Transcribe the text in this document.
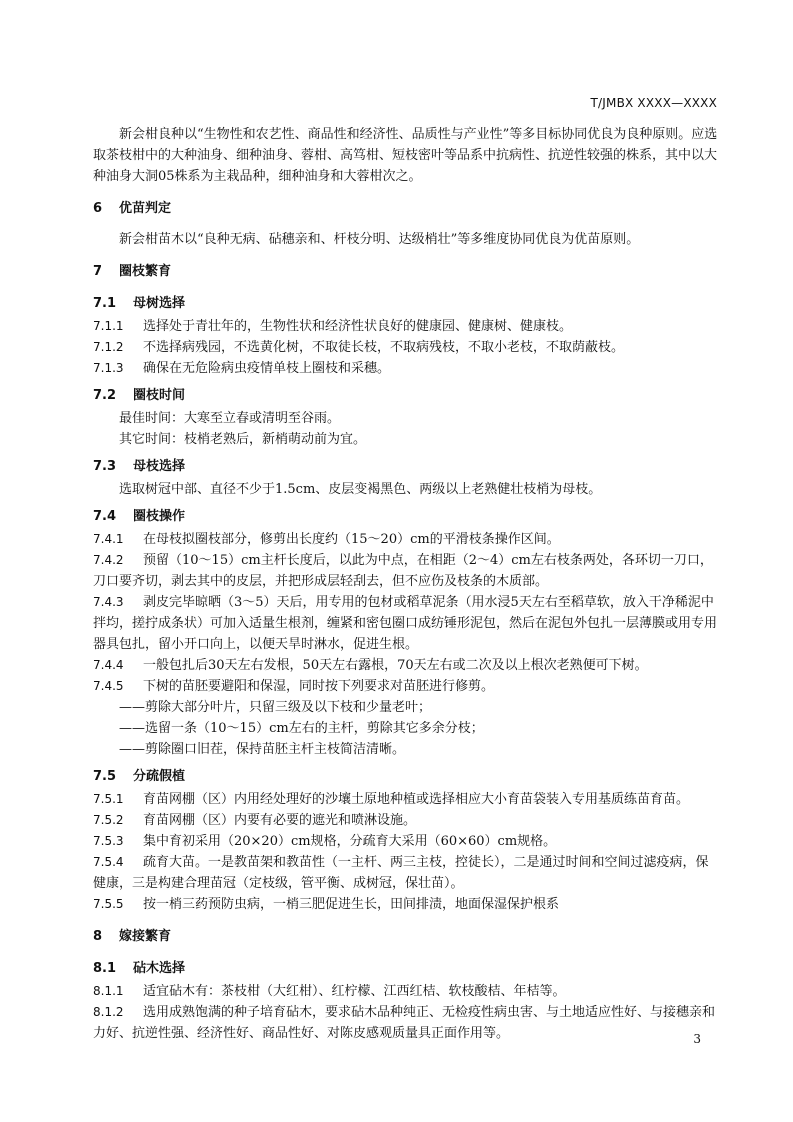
T/JMBX XXXX—XXXX
新会柑良种以“生物性和农艺性、商品性和经济性、品质性与产业性”等多目标协同优良为良种原则。应选取茶枝柑中的大种油身、细种油身、蓉柑、高笃柑、短枝密叶等品系中抗病性、抗逆性较强的株系，其中以大种油身大洞05株系为主栽品种，细种油身和大蓉柑次之。
6 优苗判定
新会柑苗木以“良种无病、砧穗亲和、杆枝分明、达级梢壮”等多维度协同优良为优苗原则。
7 圈枝繁育
7.1 母树选择
7.1.1 选择处于青壮年的，生物性状和经济性状良好的健康园、健康树、健康枝。
7.1.2 不选择病残园，不选黄化树，不取徒长枝，不取病残枝，不取小老枝，不取荫蔽枝。
7.1.3 确保在无危险病虫疫情单枝上圈枝和采穗。
7.2 圈枝时间
最佳时间：大寒至立春或清明至谷雨。
其它时间：枝梢老熟后，新梢萌动前为宜。
7.3 母枝选择
选取树冠中部、直径不少于1.5cm、皮层变褐黑色、两级以上老熟健壮枝梢为母枝。
7.4 圈枝操作
7.4.1 在母枝拟圈枝部分，修剪出长度约（15～20）cm的平滑枝条操作区间。
7.4.2 预留（10～15）cm主杆长度后，以此为中点，在相距（2～4）cm左右枝条两处，各环切一刀口，刀口要齐切，剥去其中的皮层，并把形成层轻刮去，但不应伤及枝条的木质部。
7.4.3 剥皮完毕晾晒（3～5）天后，用专用的包材或稻草泥条（用水浸5天左右至稻草软，放入干净稀泥中拌均，搓拧成条状）可加入适量生根剂，缠紧和密包圈口成纺锤形泥包，然后在泥包外包扎一层薄膜或用专用器具包扎，留小开口向上，以便天旱时淋水，促进生根。
7.4.4 一般包扎后30天左右发根，50天左右露根，70天左右或二次及以上根次老熟便可下树。
7.4.5 下树的苗胚要避阳和保湿，同时按下列要求对苗胚进行修剪。
——剪除大部分叶片，只留三级及以下枝和少量老叶；
——选留一条（10～15）cm左右的主杆，剪除其它多余分枝；
——剪除圈口旧茬，保持苗胚主杆主枝简洁清晰。
7.5 分疏假植
7.5.1 育苗网棚（区）内用经处理好的沙壤土原地种植或选择相应大小育苗袋装入专用基质练苗育苗。
7.5.2 育苗网棚（区）内要有必要的遮光和喷淋设施。
7.5.3 集中育初采用（20×20）cm规格，分疏育大采用（60×60）cm规格。
7.5.4 疏育大苗。一是教苗架和教苗性（一主杆、两三主枝，控徒长），二是通过时间和空间过滤疫病，保健康，三是构建合理苗冠（定枝级，管平衡、成树冠，保壮苗）。
7.5.5 按一梢三药预防虫病，一梢三肥促进生长，田间排渍，地面保湿保护根系
8 嫁接繁育
8.1 砧木选择
8.1.1 适宜砧木有：茶枝柑（大红柑）、红柠檬、江西红桔、软枝酸桔、年桔等。
8.1.2 选用成熟饱满的种子培育砧木，要求砧木品种纯正、无检疫性病虫害、与土地适应性好、与接穗亲和力好、抗逆性强、经济性好、商品性好、对陈皮感观质量具正面作用等。	3
